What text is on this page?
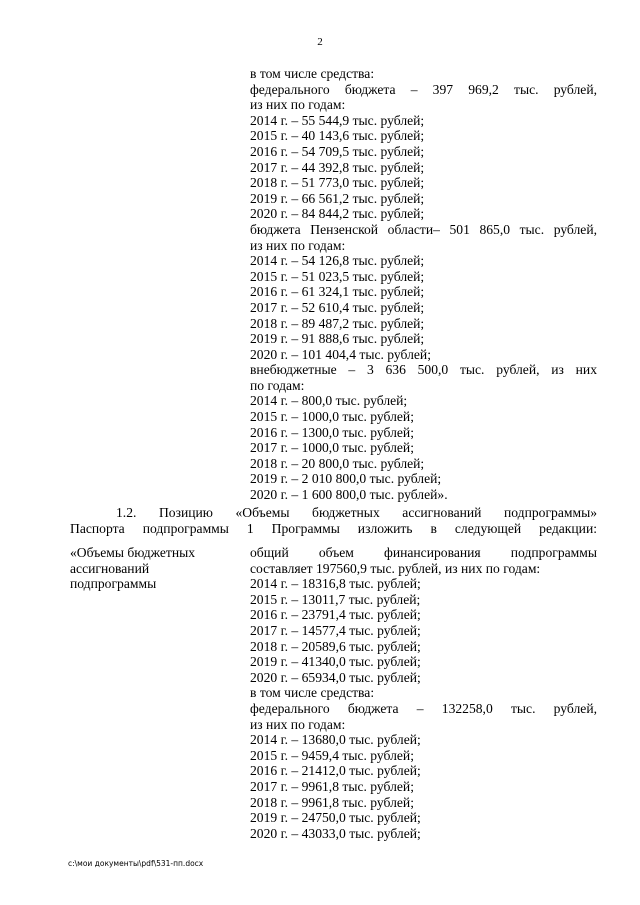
2
в том числе средства:
федерального бюджета – 397 969,2 тыс. рублей,
из них по годам:
2014 г. – 55 544,9 тыс. рублей;
2015 г. – 40 143,6 тыс. рублей;
2016 г. – 54 709,5 тыс. рублей;
2017 г. – 44 392,8 тыс. рублей;
2018 г. – 51 773,0 тыс. рублей;
2019 г. – 66 561,2 тыс. рублей;
2020 г. – 84 844,2 тыс. рублей;
бюджета Пензенской области– 501 865,0 тыс. рублей,
из них по годам:
2014 г. – 54 126,8 тыс. рублей;
2015 г. – 51 023,5 тыс. рублей;
2016 г. – 61 324,1 тыс. рублей;
2017 г. – 52 610,4 тыс. рублей;
2018 г. – 89 487,2 тыс. рублей;
2019 г. – 91 888,6 тыс. рублей;
2020 г. – 101 404,4 тыс. рублей;
внебюджетные – 3 636 500,0 тыс. рублей, из них
по годам:
2014 г. – 800,0 тыс. рублей;
2015 г. – 1000,0 тыс. рублей;
2016 г. – 1300,0 тыс. рублей;
2017 г. – 1000,0 тыс. рублей;
2018 г. – 20 800,0 тыс. рублей;
2019 г. – 2 010 800,0 тыс. рублей;
2020 г. – 1 600 800,0 тыс. рублей».
1.2. Позицию «Объемы бюджетных ассигнований подпрограммы»
Паспорта подпрограммы 1 Программы изложить в следующей редакции:
«Объемы бюджетных
ассигнований
подпрограммы
общий объем финансирования подпрограммы
составляет 197560,9 тыс. рублей, из них по годам:
2014 г. – 18316,8 тыс. рублей;
2015 г. – 13011,7 тыс. рублей;
2016 г. – 23791,4 тыс. рублей;
2017 г. – 14577,4 тыс. рублей;
2018 г. – 20589,6 тыс. рублей;
2019 г. – 41340,0 тыс. рублей;
2020 г. – 65934,0 тыс. рублей;
в том числе средства:
федерального бюджета – 132258,0 тыс. рублей,
из них по годам:
2014 г. – 13680,0 тыс. рублей;
2015 г. – 9459,4 тыс. рублей;
2016 г. – 21412,0 тыс. рублей;
2017 г. – 9961,8 тыс. рублей;
2018 г. – 9961,8 тыс. рублей;
2019 г. – 24750,0 тыс. рублей;
2020 г. – 43033,0 тыс. рублей;
c:\мои документы\pdf\531-пп.docx
